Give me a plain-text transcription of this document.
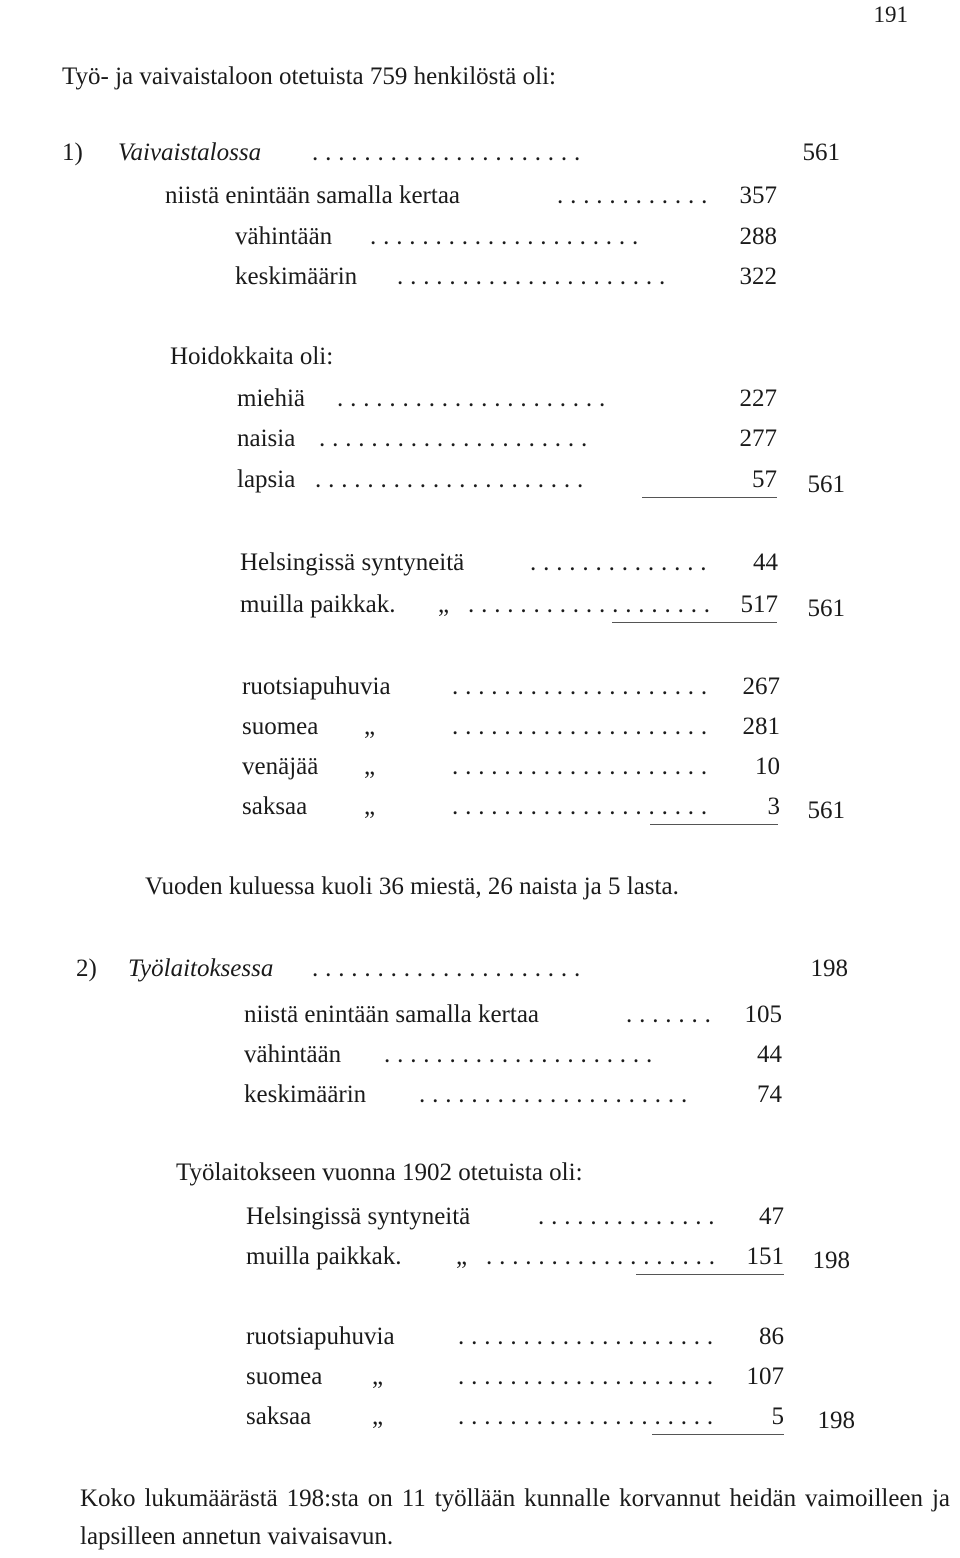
191
Työ- ja vaivaistaloon otetuista 759 henkilöstä oli:
1) Vaivaistalossa . . . . . . . . . . . . . . . . . . . . .	561
niistä enintään samalla kertaa	. . . . . . . . . . . .	357
vähintään . . . . . . . . . . . . . . . . . . . . .	288
keskimäärin . . . . . . . . . . . . . . . . . . . . .	322
Hoidokkaita oli:
miehiä . . . . . . . . . . . . . . . . . . . . .	227
naisia . . . . . . . . . . . . . . . . . . . . .	277
lapsia . . . . . . . . . . . . . . . . . . . . .	57	561
Helsingissä syntyneitä	. . . . . . . . . . . . . .	44
muilla paikkak. „ . . . . . . . . . . . . . . . . . . .	517	561
ruotsiapuhuvia . . . . . . . . . . . . . . . . . . . .	267
suomea „	. . . . . . . . . . . . . . . . . . . .	281
venäjää „	. . . . . . . . . . . . . . . . . . . .	10
saksaa „	. . . . . . . . . . . . . . . . . . . .	3	561
Vuoden kuluessa kuoli 36 miestä, 26 naista ja 5 lasta.
2) Työlaitoksessa . . . . . . . . . . . . . . . . . . . . .	198
niistä enintään samalla kertaa	. . . . . . .	105
vähintään . . . . . . . . . . . . . . . . . . . . .	44
keskimäärin . . . . . . . . . . . . . . . . . . . . .	74
Työlaitokseen vuonna 1902 otetuista oli:
Helsingissä syntyneitä	. . . . . . . . . . . . . .	47
muilla paikkak. „ . . . . . . . . . . . . . . . . . .	151	198
ruotsiapuhuvia	. . . . . . . . . . . . . . . . . . . .	86
suomea „	. . . . . . . . . . . . . . . . . . . .	107
saksaa „	. . . . . . . . . . . . . . . . . . . .	5	198
Koko lukumäärästä 198:sta on 11 työllään kunnalle korvannut heidän vaimoilleen ja lapsilleen annetun vaivaisavun.
